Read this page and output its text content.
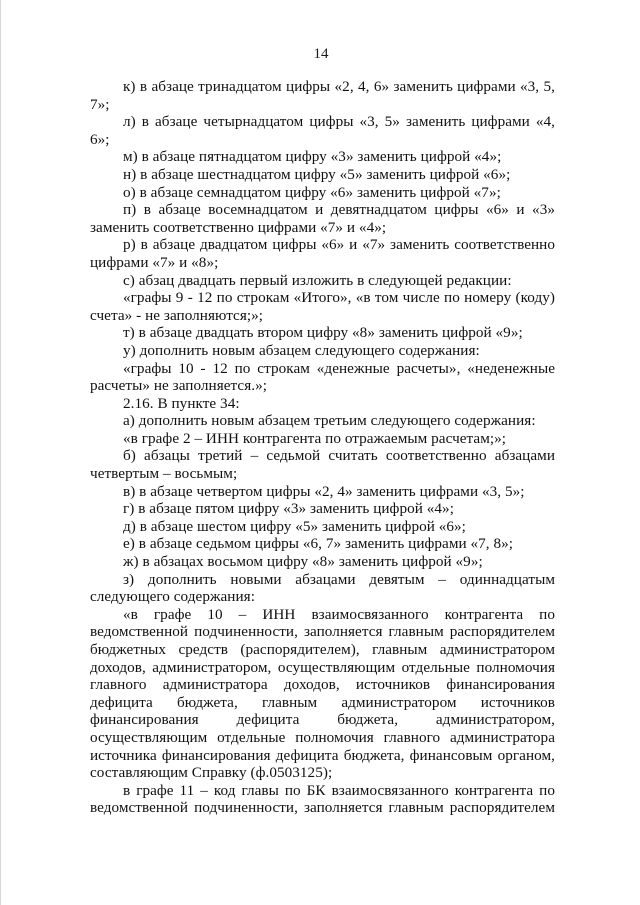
14

к) в абзаце тринадцатом цифры «2, 4, 6» заменить цифрами «3, 5, 7»;

л) в абзаце четырнадцатом цифры «3, 5» заменить цифрами «4, 6»;

м) в абзаце пятнадцатом цифру «3» заменить цифрой «4»;

н) в абзаце шестнадцатом цифру «5» заменить цифрой «6»;

о) в абзаце семнадцатом цифру «6» заменить цифрой «7»;

п) в абзаце восемнадцатом и девятнадцатом цифры «6» и «3» заменить соответственно цифрами «7» и «4»;

р) в абзаце двадцатом цифры «6» и «7» заменить соответственно цифрами «7» и «8»;

с) абзац двадцать первый изложить в следующей редакции:

«графы 9 - 12 по строкам «Итого», «в том числе по номеру (коду) счета» - не заполняются;»;

т) в абзаце двадцать втором цифру «8» заменить цифрой «9»;

у) дополнить новым абзацем следующего содержания:

«графы 10 - 12 по строкам «денежные расчеты», «неденежные расчеты» не заполняется.»;

2.16. В пункте 34:

а) дополнить новым абзацем третьим следующего содержания:

«в графе 2 – ИНН контрагента по отражаемым расчетам;»;

б) абзацы третий – седьмой считать соответственно абзацами четвертым – восьмым;

в) в абзаце четвертом цифры «2, 4» заменить цифрами «3, 5»;

г) в абзаце пятом цифру «3» заменить цифрой «4»;

д) в абзаце шестом цифру «5» заменить цифрой «6»;

е) в абзаце седьмом цифры «6, 7» заменить цифрами «7, 8»;

ж) в абзацах восьмом цифру «8» заменить цифрой «9»;

з) дополнить новыми абзацами девятым – одиннадцатым следующего содержания:

«в графе 10 – ИНН взаимосвязанного контрагента по ведомственной подчиненности, заполняется главным распорядителем бюджетных средств (распорядителем), главным администратором доходов, администратором, осуществляющим отдельные полномочия главного администратора доходов, источников финансирования дефицита бюджета, главным администратором источников финансирования дефицита бюджета, администратором, осуществляющим отдельные полномочия главного администратора источника финансирования дефицита бюджета, финансовым органом, составляющим Справку (ф.0503125);

в графе 11 – код главы по БК взаимосвязанного контрагента по ведомственной подчиненности, заполняется главным распорядителем
